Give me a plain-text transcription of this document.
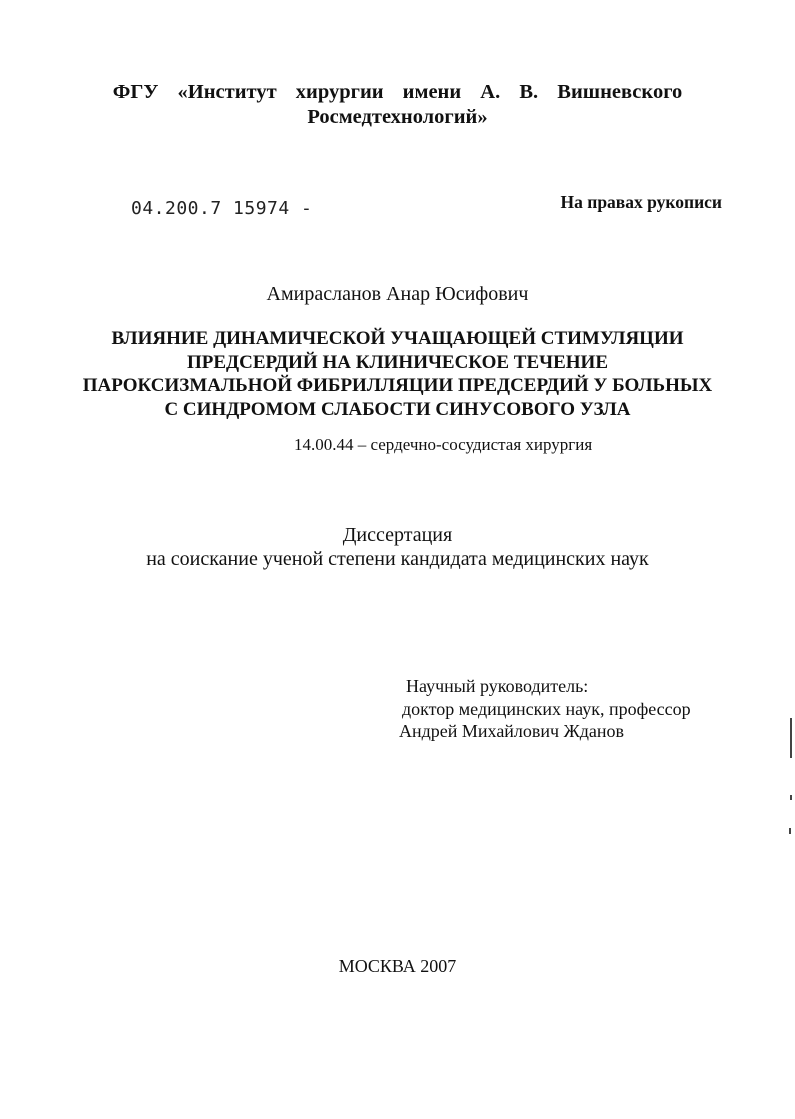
ФГУ «Институт хирургии имени А. В. Вишневского
Росмедтехнологий»
04.200.7 15974 -	На правах рукописи
Амирасланов Анар Юсифович
ВЛИЯНИЕ ДИНАМИЧЕСКОЙ УЧАЩАЮЩЕЙ СТИМУЛЯЦИИ
ПРЕДСЕРДИЙ НА КЛИНИЧЕСКОЕ ТЕЧЕНИЕ
ПАРОКСИЗМАЛЬНОЙ ФИБРИЛЛЯЦИИ ПРЕДСЕРДИЙ У БОЛЬНЫХ
С СИНДРОМОМ СЛАБОСТИ СИНУСОВОГО УЗЛА
14.00.44 – сердечно-сосудистая хирургия
Диссертация
на соискание ученой степени кандидата медицинских наук
Научный руководитель:
доктор медицинских наук, профессор
Андрей Михайлович Жданов
МОСКВА 2007
